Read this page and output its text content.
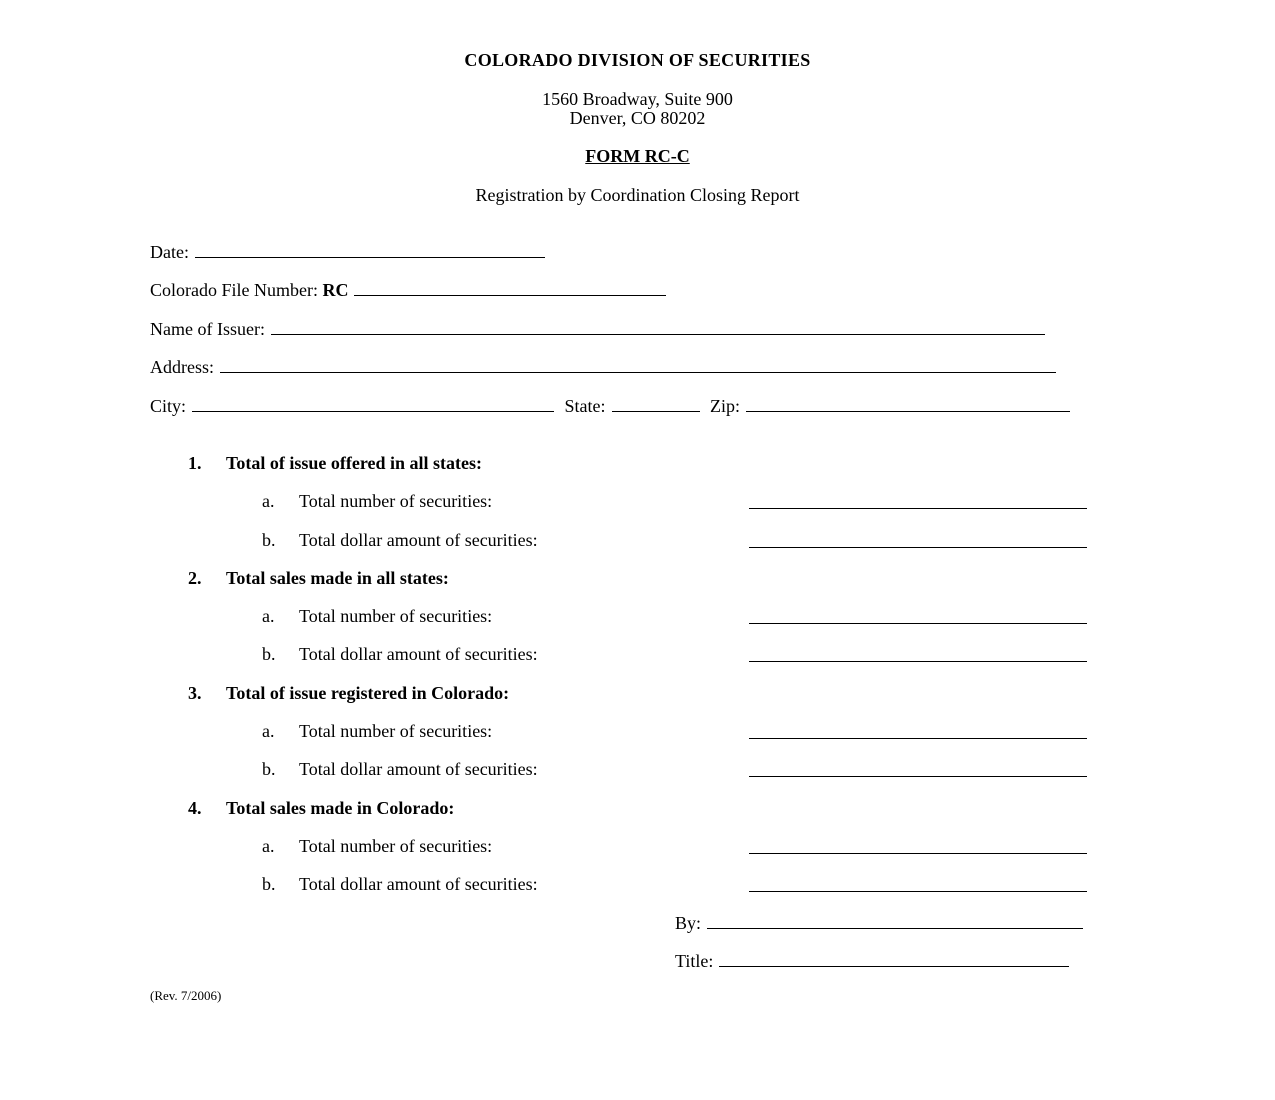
COLORADO DIVISION OF SECURITIES
1560 Broadway, Suite 900
Denver, CO 80202
FORM RC-C
Registration by Coordination Closing Report
Date:
Colorado File Number: RC
Name of Issuer:
Address:
City:	State:	Zip:
1. Total of issue offered in all states:
a. Total number of securities:
b. Total dollar amount of securities:
2. Total sales made in all states:
a. Total number of securities:
b. Total dollar amount of securities:
3. Total of issue registered in Colorado:
a. Total number of securities:
b. Total dollar amount of securities:
4. Total sales made in Colorado:
a. Total number of securities:
b. Total dollar amount of securities:
By:
Title:
(Rev. 7/2006)
